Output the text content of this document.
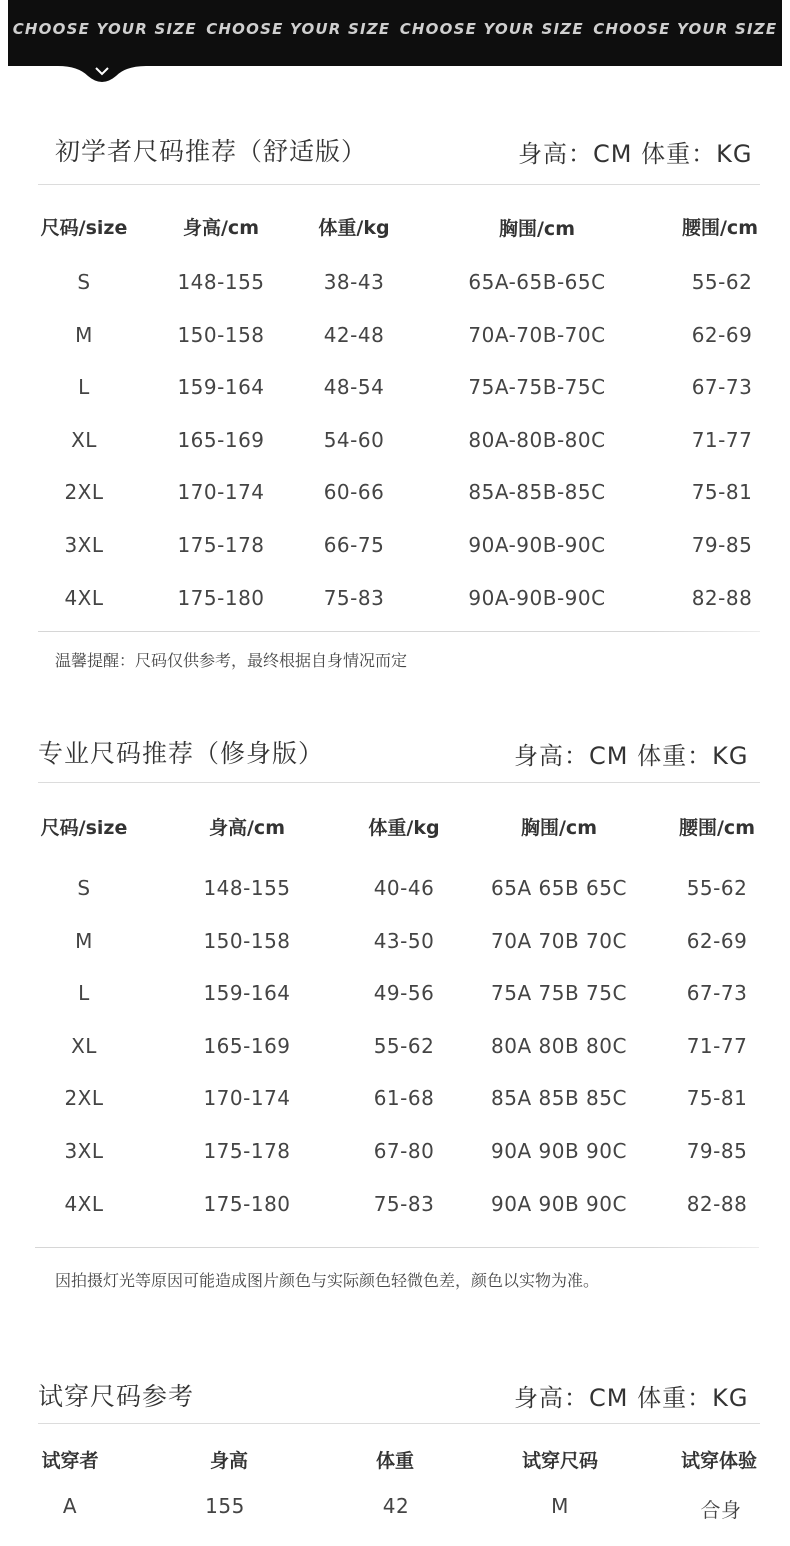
CHOOSE YOUR SIZE CHOOSE YOUR SIZE CHOOSE YOUR SIZE CHOOSE YOUR SIZE
初学者尺码推荐（舒适版）	身高：CM 体重：KG
尺码/size	身高/cm	体重/kg	胸围/cm	腰围/cm
S	148-155	38-43	65A-65B-65C	55-62
M	150-158	42-48	70A-70B-70C	62-69
L	159-164	48-54	75A-75B-75C	67-73
XL	165-169	54-60	80A-80B-80C	71-77
2XL	170-174	60-66	85A-85B-85C	75-81
3XL	175-178	66-75	90A-90B-90C	79-85
4XL	175-180	75-83	90A-90B-90C	82-88
温馨提醒：尺码仅供参考，最终根据自身情况而定
专业尺码推荐（修身版）	身高：CM 体重：KG
尺码/size	身高/cm	体重/kg	胸围/cm	腰围/cm
S	148-155	40-46	65A 65B 65C	55-62
M	150-158	43-50	70A 70B 70C	62-69
L	159-164	49-56	75A 75B 75C	67-73
XL	165-169	55-62	80A 80B 80C	71-77
2XL	170-174	61-68	85A 85B 85C	75-81
3XL	175-178	67-80	90A 90B 90C	79-85
4XL	175-180	75-83	90A 90B 90C	82-88
因拍摄灯光等原因可能造成图片颜色与实际颜色轻微色差，颜色以实物为准。
试穿尺码参考	身高：CM 体重：KG
试穿者	身高	体重	试穿尺码	试穿体验
A	155	42	M	合身
